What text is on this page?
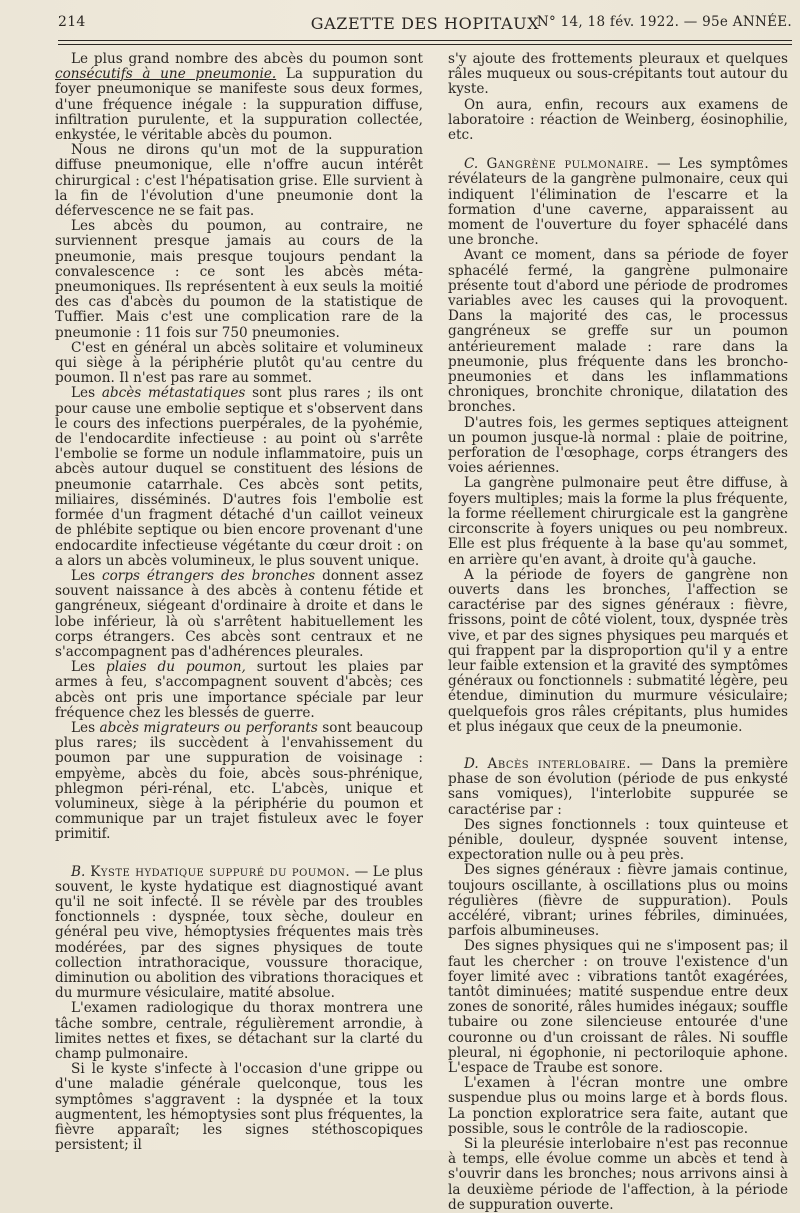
214	GAZETTE DES HOPITAUX
N° 14, 18 fév. 1922. — 95e ANNÉE.

Le plus grand nombre des abcès du poumon sont consécutifs à une pneumonie. La suppuration du foyer pneumonique se manifeste sous deux formes, d'une fréquence inégale : la suppuration diffuse, infiltration purulente, et la suppuration collectée, enkystée, le véritable abcès du poumon.

Nous ne dirons qu'un mot de la suppuration diffuse pneumonique, elle n'offre aucun intérêt chirurgical : c'est l'hépatisation grise. Elle survient à la fin de l'évolution d'une pneumonie dont la défervescence ne se fait pas.

Les abcès du poumon, au contraire, ne surviennent presque jamais au cours de la pneumonie, mais presque toujours pendant la convalescence : ce sont les abcès méta-pneumoniques. Ils représentent à eux seuls la moitié des cas d'abcès du poumon de la statistique de Tuffier. Mais c'est une complication rare de la pneumonie : 11 fois sur 750 pneumonies.

C'est en général un abcès solitaire et volumineux qui siège à la périphérie plutôt qu'au centre du poumon. Il n'est pas rare au sommet.

Les abcès métastatiques sont plus rares ; ils ont pour cause une embolie septique et s'observent dans le cours des infections puerpérales, de la pyohémie, de l'endocardite infectieuse : au point où s'arrête l'embolie se forme un nodule inflammatoire, puis un abcès autour duquel se constituent des lésions de pneumonie catarrhale. Ces abcès sont petits, miliaires, disséminés. D'autres fois l'embolie est formée d'un fragment détaché d'un caillot veineux de phlébite septique ou bien encore provenant d'une endocardite infectieuse végétante du cœur droit : on a alors un abcès volumineux, le plus souvent unique.

Les corps étrangers des bronches donnent assez souvent naissance à des abcès à contenu fétide et gangréneux, siégeant d'ordinaire à droite et dans le lobe inférieur, là où s'arrêtent habituellement les corps étrangers. Ces abcès sont centraux et ne s'accompagnent pas d'adhérences pleurales.

Les plaies du poumon, surtout les plaies par armes à feu, s'accompagnent souvent d'abcès; ces abcès ont pris une importance spéciale par leur fréquence chez les blessés de guerre.

Les abcès migrateurs ou perforants sont beaucoup plus rares; ils succèdent à l'envahissement du poumon par une suppuration de voisinage : empyème, abcès du foie, abcès sous-phrénique, phlegmon péri-rénal, etc. L'abcès, unique et volumineux, siège à la périphérie du poumon et communique par un trajet fistuleux avec le foyer primitif.

B. Kyste hydatique suppuré du poumon. — Le plus souvent, le kyste hydatique est diagnostiqué avant qu'il ne soit infecté. Il se révèle par des troubles fonctionnels : dyspnée, toux sèche, douleur en général peu vive, hémoptysies fréquentes mais très modérées, par des signes physiques de toute collection intrathoracique, voussure thoracique, diminution ou abolition des vibrations thoraciques et du murmure vésiculaire, matité absolue.

L'examen radiologique du thorax montrera une tâche sombre, centrale, régulièrement arrondie, à limites nettes et fixes, se détachant sur la clarté du champ pulmonaire.

Si le kyste s'infecte à l'occasion d'une grippe ou d'une maladie générale quelconque, tous les symptômes s'aggravent : la dyspnée et la toux augmentent, les hémoptysies sont plus fréquentes, la fièvre apparaît; les signes stéthoscopiques persistent; il

s'y ajoute des frottements pleuraux et quelques râles muqueux ou sous-crépitants tout autour du kyste.

On aura, enfin, recours aux examens de laboratoire : réaction de Weinberg, éosinophilie, etc.

C. Gangrène pulmonaire. — Les symptômes révélateurs de la gangrène pulmonaire, ceux qui indiquent l'élimination de l'escarre et la formation d'une caverne, apparaissent au moment de l'ouverture du foyer sphacélé dans une bronche.

Avant ce moment, dans sa période de foyer sphacélé fermé, la gangrène pulmonaire présente tout d'abord une période de prodromes variables avec les causes qui la provoquent. Dans la majorité des cas, le processus gangréneux se greffe sur un poumon antérieurement malade : rare dans la pneumonie, plus fréquente dans les broncho-pneumonies et dans les inflammations chroniques, bronchite chronique, dilatation des bronches.

D'autres fois, les germes septiques atteignent un poumon jusque-là normal : plaie de poitrine, perforation de l'œsophage, corps étrangers des voies aériennes.

La gangrène pulmonaire peut être diffuse, à foyers multiples; mais la forme la plus fréquente, la forme réellement chirurgicale est la gangrène circonscrite à foyers uniques ou peu nombreux. Elle est plus fréquente à la base qu'au sommet, en arrière qu'en avant, à droite qu'à gauche.

A la période de foyers de gangrène non ouverts dans les bronches, l'affection se caractérise par des signes généraux : fièvre, frissons, point de côté violent, toux, dyspnée très vive, et par des signes physiques peu marqués et qui frappent par la disproportion qu'il y a entre leur faible extension et la gravité des symptômes généraux ou fonctionnels : submatité légère, peu étendue, diminution du murmure vésiculaire; quelquefois gros râles crépitants, plus humides et plus inégaux que ceux de la pneumonie.

D. Abcès interlobaire. — Dans la première phase de son évolution (période de pus enkysté sans vomiques), l'interlobite suppurée se caractérise par :

Des signes fonctionnels : toux quinteuse et pénible, douleur, dyspnée souvent intense, expectoration nulle ou à peu près.

Des signes généraux : fièvre jamais continue, toujours oscillante, à oscillations plus ou moins régulières (fièvre de suppuration). Pouls accéléré, vibrant; urines fébriles, diminuées, parfois albumineuses.

Des signes physiques qui ne s'imposent pas; il faut les chercher : on trouve l'existence d'un foyer limité avec : vibrations tantôt exagérées, tantôt diminuées; matité suspendue entre deux zones de sonorité, râles humides inégaux; souffle tubaire ou zone silencieuse entourée d'une couronne ou d'un croissant de râles. Ni souffle pleural, ni égophonie, ni pectoriloquie aphone. L'espace de Traube est sonore.

L'examen à l'écran montre une ombre suspendue plus ou moins large et à bords flous. La ponction exploratrice sera faite, autant que possible, sous le contrôle de la radioscopie.

Si la pleurésie interlobaire n'est pas reconnue à temps, elle évolue comme un abcès et tend à s'ouvrir dans les bronches; nous arrivons ainsi à la deuxième période de l'affection, à la période de suppuration ouverte.
